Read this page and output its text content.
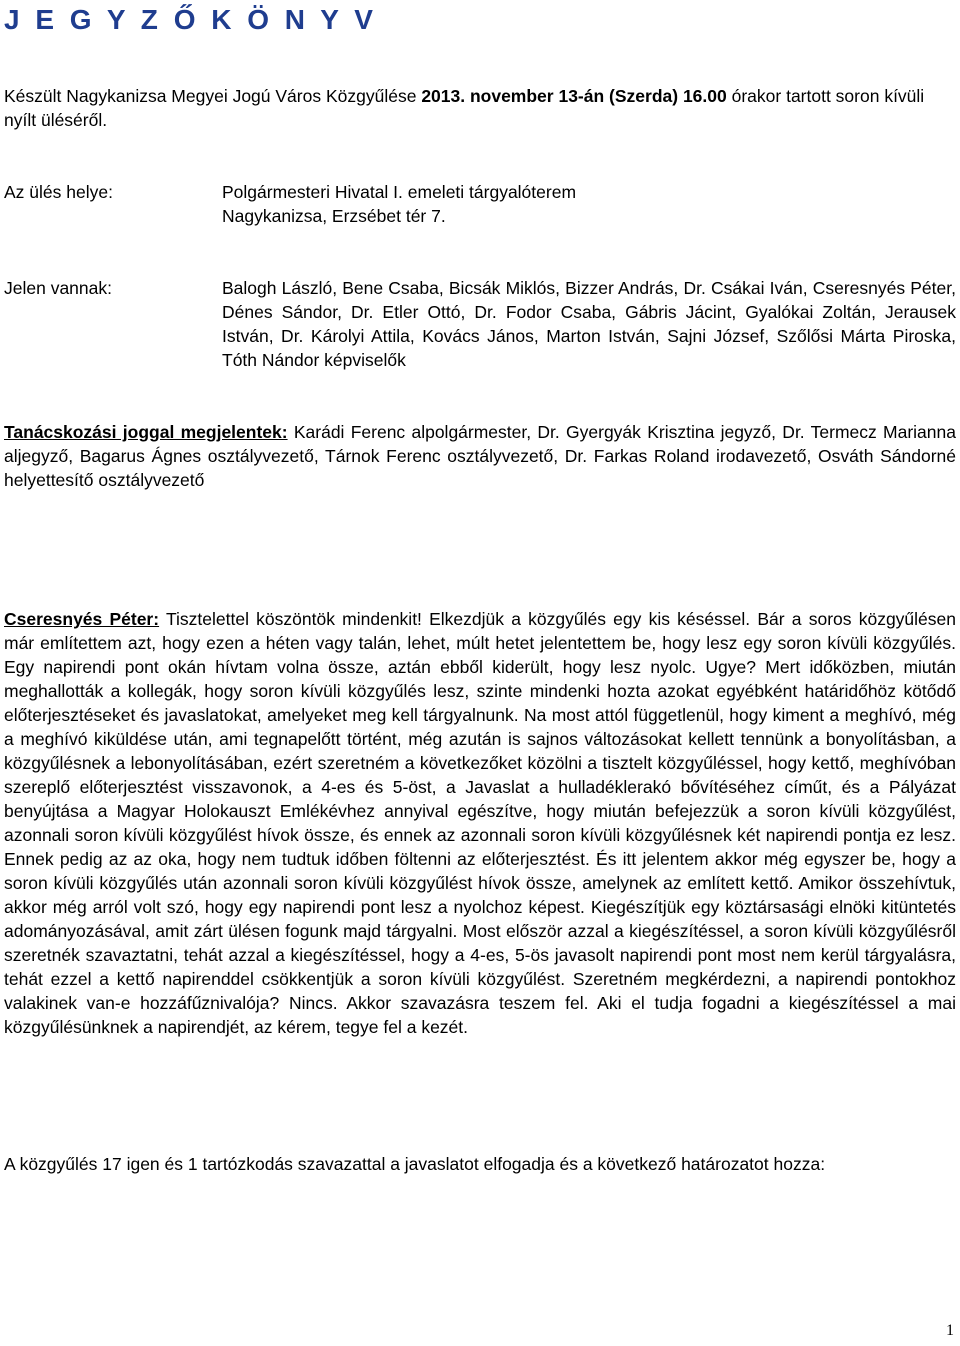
J E G Y Z Ő K Ö N Y V

Készült Nagykanizsa Megyei Jogú Város Közgyűlése 2013. november 13-án (Szerda) 16.00 órakor tartott soron kívüli nyílt üléséről.

Az ülés helye:	Polgármesteri Hivatal I. emeleti tárgyalóterem

Nagykanizsa, Erzsébet tér 7.

Jelen vannak:	Balogh László, Bene Csaba, Bicsák Miklós, Bizzer András, Dr. Csákai Iván, Cseresnyés Péter, Dénes Sándor, Dr. Etler Ottó, Dr. Fodor Csaba, Gábris Jácint, Gyalókai Zoltán, Jerausek István, Dr. Károlyi Attila, Kovács János, Marton István, Sajni József, Szőlősi Márta Piroska, Tóth Nándor képviselők

Tanácskozási joggal megjelentek: Karádi Ferenc alpolgármester, Dr. Gyergyák Krisztina jegyző, Dr. Termecz Marianna aljegyző, Bagarus Ágnes osztályvezető, Tárnok Ferenc osztályvezető, Dr. Farkas Roland irodavezető, Osváth Sándorné helyettesítő osztályvezető

Cseresnyés Péter: Tisztelettel köszöntök mindenkit! Elkezdjük a közgyűlés egy kis késéssel. Bár a soros közgyűlésen már említettem azt, hogy ezen a héten vagy talán, lehet, múlt hetet jelentettem be, hogy lesz egy soron kívüli közgyűlés. Egy napirendi pont okán hívtam volna össze, aztán ebből kiderült, hogy lesz nyolc. Ugye? Mert időközben, miután meghallották a kollegák, hogy soron kívüli közgyűlés lesz, szinte mindenki hozta azokat egyébként határidőhöz kötődő előterjesztéseket és javaslatokat, amelyeket meg kell tárgyalnunk. Na most attól függetlenül, hogy kiment a meghívó, még a meghívó kiküldése után, ami tegnapelőtt történt, még azután is sajnos változásokat kellett tennünk a bonyolításban, a közgyűlésnek a lebonyolításában, ezért szeretném a következőket közölni a tisztelt közgyűléssel, hogy kettő, meghívóban szereplő előterjesztést visszavonok, a 4-es és 5-öst, a Javaslat a hulladéklerakó bővítéséhez címűt, és a Pályázat benyújtása a Magyar Holokauszt Emlékévhez annyival egészítve, hogy miután befejezzük a soron kívüli közgyűlést, azonnali soron kívüli közgyűlést hívok össze, és ennek az azonnali soron kívüli közgyűlésnek két napirendi pontja ez lesz. Ennek pedig az az oka, hogy nem tudtuk időben föltenni az előterjesztést. És itt jelentem akkor még egyszer be, hogy a soron kívüli közgyűlés után azonnali soron kívüli közgyűlést hívok össze, amelynek az említett kettő. Amikor összehívtuk, akkor még arról volt szó, hogy egy napirendi pont lesz a nyolchoz képest. Kiegészítjük egy köztársasági elnöki kitüntetés adományozásával, amit zárt ülésen fogunk majd tárgyalni. Most először azzal a kiegészítéssel, a soron kívüli közgyűlésről szeretnék szavaztatni, tehát azzal a kiegészítéssel, hogy a 4-es, 5-ös javasolt napirendi pont most nem kerül tárgyalásra, tehát ezzel a kettő napirenddel csökkentjük a soron kívüli közgyűlést. Szeretném megkérdezni, a napirendi pontokhoz valakinek van-e hozzáfűznivalója? Nincs. Akkor szavazásra teszem fel. Aki el tudja fogadni a kiegészítéssel a mai közgyűlésünknek a napirendjét, az kérem, tegye fel a kezét.

A közgyűlés 17 igen és 1 tartózkodás szavazattal a javaslatot elfogadja és a következő határozatot hozza:

1
